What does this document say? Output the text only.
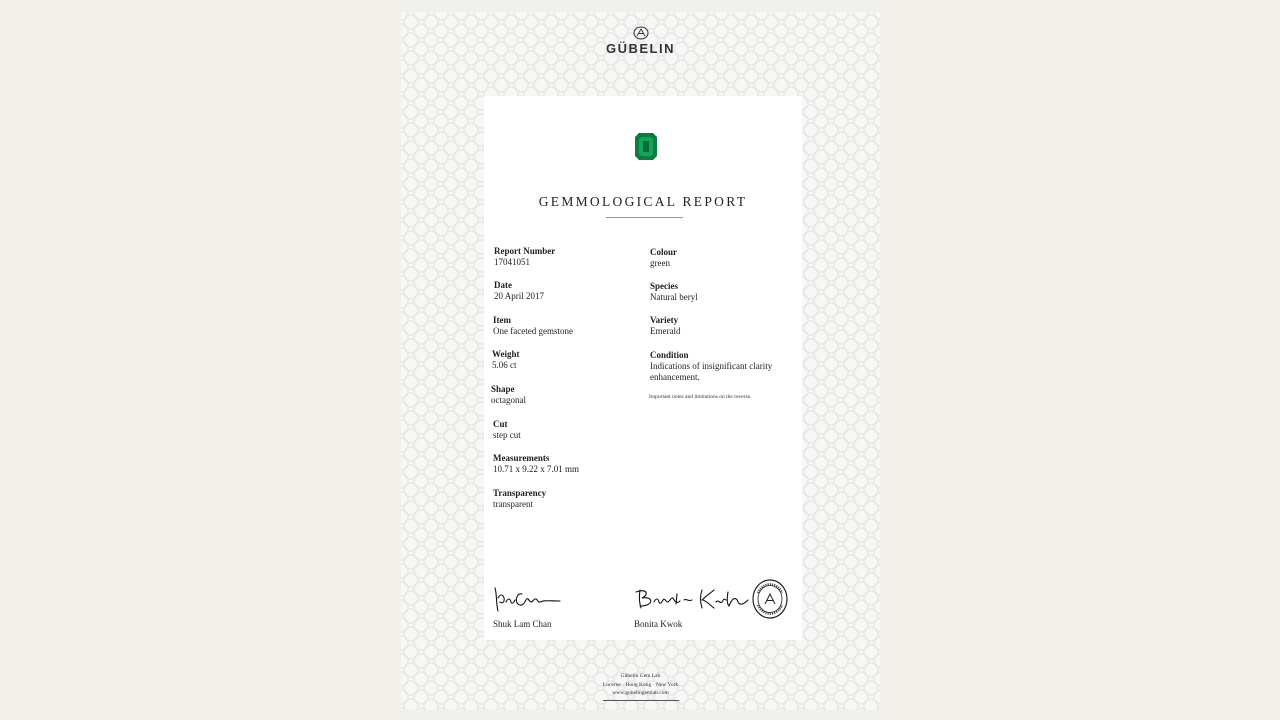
GÜBELIN
GEMMOLOGICAL REPORT
Report Number
17041051
Date
20 April 2017
Item
One faceted gemstone
Weight
5.06 ct
Shape
octagonal
Cut
step cut
Measurements
10.71 x 9.22 x 7.01 mm
Transparency
transparent
Colour
green
Species
Natural beryl
Variety
Emerald
Condition
Indications of insignificant clarity
enhancement.
Important notes and limitations on the reverse.
Shuk Lam Chan	Bonita Kwok
Gübelin Gem Lab
Lucerne · Hong Kong · New York
www.gubelingemlab.com
